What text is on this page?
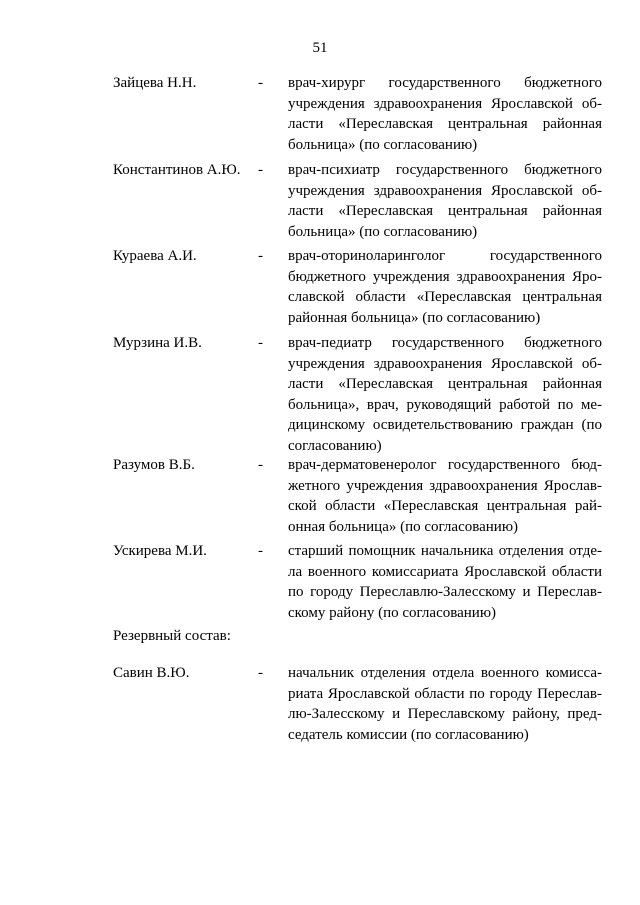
51
Зайцева Н.Н.	- врач-хирург государственного бюджетного
учреждения здравоохранения Ярославской об-
ласти «Переславская центральная районная
больница» (по согласованию)
Константинов А.Ю. - врач-психиатр государственного бюджетного
учреждения здравоохранения Ярославской об-
ласти «Переславская центральная районная
больница» (по согласованию)
Кураева А.И.	- врач-оториноларинголог государственного
бюджетного учреждения здравоохранения Яро-
славской области «Переславская центральная
районная больница» (по согласованию)
Мурзина И.В.	- врач-педиатр государственного бюджетного
учреждения здравоохранения Ярославской об-
ласти «Переславская центральная районная
больница», врач, руководящий работой по ме-
дицинскому освидетельствованию граждан (по
согласованию)
Разумов В.Б.	- врач-дерматовенеролог государственного бюд-
жетного учреждения здравоохранения Ярослав-
ской области «Переславская центральная рай-
онная больница» (по согласованию)
Ускирева М.И.	- старший помощник начальника отделения отде-
ла военного комиссариата Ярославской области
по городу Переславлю-Залесскому и Переслав-
скому району (по согласованию)
Резервный состав:
Савин В.Ю.	- начальник отделения отдела военного комисса-
риата Ярославской области по городу Переслав-
лю-Залесскому и Переславскому району, пред-
седатель комиссии (по согласованию)
